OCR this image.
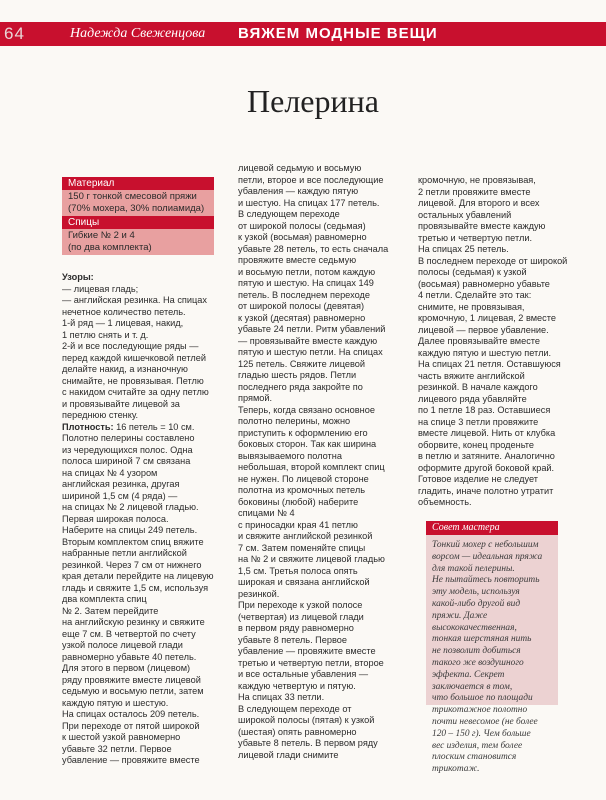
64	Надежда Свеженцова ВЯЖЕМ МОДНЫЕ ВЕЩИ
Пелерина
Материал
150 г тонкой смесовой пряжи
(70% мохера, 30% полиамида)
Спицы
Гибкие № 2 и 4
(по два комплекта)

Узоры:

— лицевая гладь;

— английская резинка. На спицах

нечетное количество петель.

1-й ряд — 1 лицевая, накид,

1 петлю снять и т. д.

2-й и все последующие ряды —

перед каждой кишечковой петлей

делайте накид, а изнаночную

снимайте, не провязывая. Петлю

с накидом считайте за одну петлю

и провязывайте лицевой за

переднюю стенку.

Плотность: 16 петель = 10 см.

Полотно пелерины составлено

из чередующихся полос. Одна

полоса шириной 7 см связана

на спицах № 4 узором

английская резинка, другая

шириной 1,5 см (4 ряда) —

на спицах № 2 лицевой гладью.

Первая широкая полоса.

Наберите на спицы 249 петель.

Вторым комплектом спиц вяжите

набранные петли английской

резинкой. Через 7 см от нижнего

края детали перейдите на лицевую

гладь и свяжите 1,5 см, используя

два комплекта спиц

№ 2. Затем перейдите

на английскую резинку и свяжите

еще 7 см. В четвертой по счету

узкой полосе лицевой глади

равномерно убавьте 40 петель.

Для этого в первом (лицевом)

ряду провяжите вместе лицевой

седьмую и восьмую петли, затем

каждую пятую и шестую.

На спицах осталось 209 петель.

При переходе от пятой широкой

к шестой узкой равномерно

убавьте 32 петли. Первое

убавление — провяжите вместе

лицевой седьмую и восьмую

петли, второе и все последующие

убавления — каждую пятую

и шестую. На спицах 177 петель.

В следующем переходе

от широкой полосы (седьмая)

к узкой (восьмая) равномерно

убавьте 28 петель, то есть сначала

провяжите вместе седьмую

и восьмую петли, потом каждую

пятую и шестую. На спицах 149

петель. В последнем переходе

от широкой полосы (девятая)

к узкой (десятая) равномерно

убавьте 24 петли. Ритм убавлений

— провязывайте вместе каждую

пятую и шестую петли. На спицах

125 петель. Свяжите лицевой

гладью шесть рядов. Петли

последнего ряда закройте по

прямой.

Теперь, когда связано основное

полотно пелерины, можно

приступить к оформлению его

боковых сторон. Так как ширина

вывязываемого полотна

небольшая, второй комплект спиц

не нужен. По лицевой стороне

полотна из кромочных петель

боковины (любой) наберите

спицами № 4

с приносадки края 41 петлю

и свяжите английской резинкой

7 см. Затем поменяйте спицы

на № 2 и свяжите лицевой гладью

1,5 см. Третья полоса опять

широкая и связана английской

резинкой.

При переходе к узкой полосе

(четвертая) из лицевой глади

в первом ряду равномерно

убавьте 8 петель. Первое

убавление — провяжите вместе

третью и четвертую петли, второе

и все остальные убавления —

каждую четвертую и пятую.

На спицах 33 петли.

В следующем переходе от

широкой полосы (пятая) к узкой

(шестая) опять равномерно

убавьте 8 петель. В первом ряду

лицевой глади снимите

кромочную, не провязывая,

2 петли провяжите вместе

лицевой. Для второго и всех

остальных убавлений

провязывайте вместе каждую

третью и четвертую петли.

На спицах 25 петель.

В последнем переходе от широкой

полосы (седьмая) к узкой

(восьмая) равномерно убавьте

4 петли. Сделайте это так:

снимите, не провязывая,

кромочную, 1 лицевая, 2 вместе

лицевой — первое убавление.

Далее провязывайте вместе

каждую пятую и шестую петли.

На спицах 21 петля. Оставшуюся

часть вяжите английской

резинкой. В начале каждого

лицевого ряда убавляйте

по 1 петле 18 раз. Оставшиеся

на спице 3 петли провяжите

вместе лицевой. Нить от клубка

оборвите, конец проденьте

в петлю и затяните. Аналогично

оформите другой боковой край.

Готовое изделие не следует

гладить, иначе полотно утратит

объемность.

Совет мастера

Тонкий мохер с небольшим

ворсом — идеальная пряжа

для такой пелерины.

Не пытайтесь повторить

эту модель, используя

какой-либо другой вид

пряжи. Даже

высококачественная,

тонкая шерстяная нить

не позволит добиться

такого же воздушного

эффекта. Секрет

заключается в том,

что большое по площади

трикотажное полотно

почти невесомое (не более

120 – 150 г). Чем больше

вес изделия, тем более

плоским становится

трикотаж.
